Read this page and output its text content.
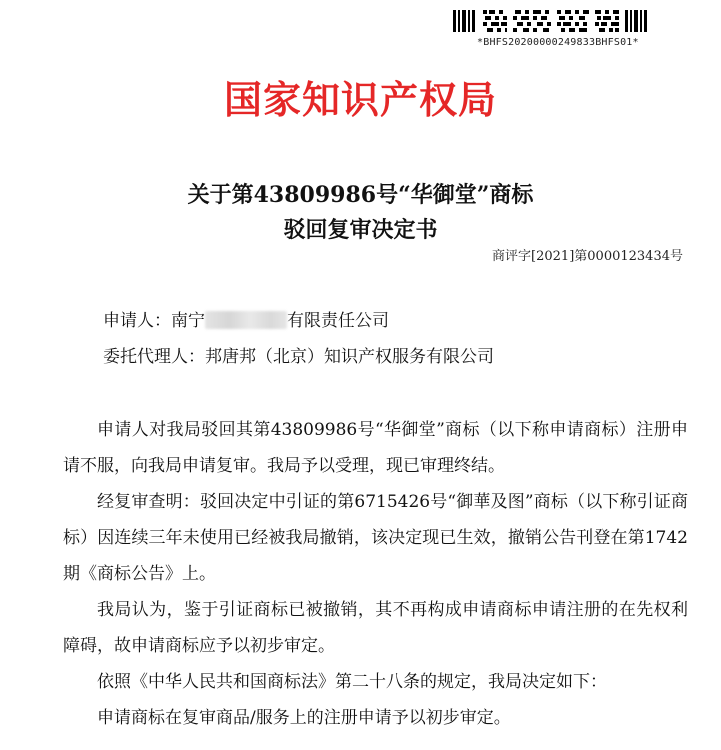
*BHFS20200000249833BHFS01*
国家知识产权局
关于第43809986号“华御堂”商标
驳回复审决定书
商评字[2021]第0000123434号
申请人：南宁	有限责任公司
委托代理人：邦唐邦（北京）知识产权服务有限公司
申请人对我局驳回其第43809986号“华御堂”商标（以下称申请商标）注册申请不服，向我局申请复审。我局予以受理，现已审理终结。
经复审查明：驳回决定中引证的第6715426号“御華及图”商标（以下称引证商标）因连续三年未使用已经被我局撤销，该决定现已生效，撤销公告刊登在第1742期《商标公告》上。
我局认为，鉴于引证商标已被撤销，其不再构成申请商标申请注册的在先权利障碍，故申请商标应予以初步审定。
依照《中华人民共和国商标法》第二十八条的规定，我局决定如下：
申请商标在复审商品/服务上的注册申请予以初步审定。
